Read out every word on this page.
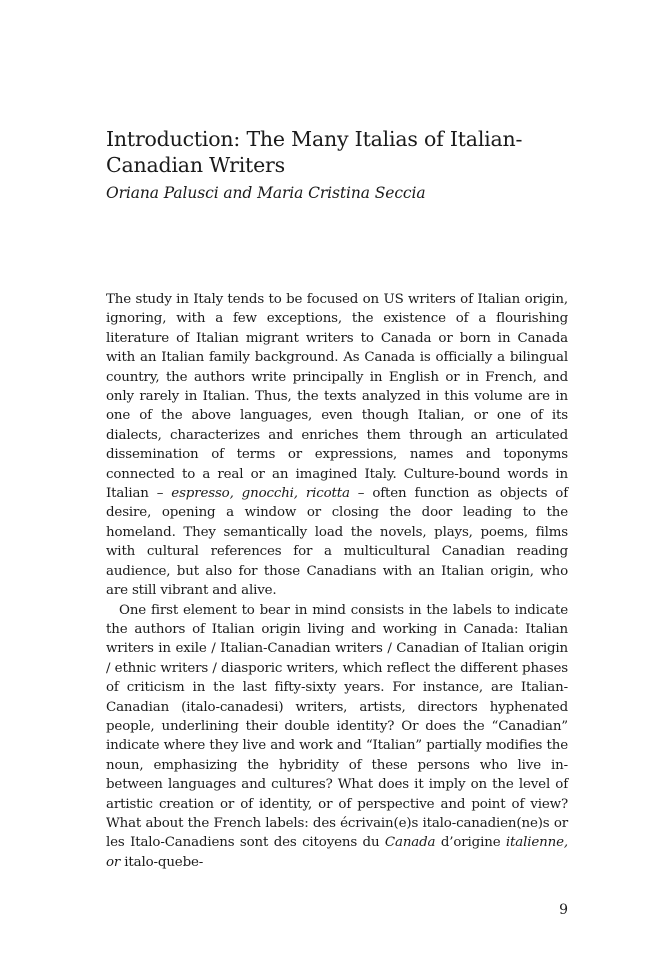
Introduction: The Many Italias of Italian-Canadian Writers
Oriana Palusci and Maria Cristina Seccia

The study in Italy tends to be focused on US writers of Italian origin, ignoring, with a few exceptions, the existence of a flourishing literature of Italian migrant writers to Canada or born in Canada with an Italian family background. As Canada is officially a bilingual country, the authors write principally in English or in French, and only rarely in Italian. Thus, the texts analyzed in this volume are in one of the above languages, even though Italian, or one of its dialects, characterizes and enriches them through an articulated dissemination of terms or expressions, names and toponyms connected to a real or an imagined Italy. Culture-bound words in Italian – espresso, gnocchi, ricotta – often function as objects of desire, opening a window or closing the door leading to the homeland. They semantically load the novels, plays, poems, films with cultural references for a multicultural Canadian reading audience, but also for those Canadians with an Italian origin, who are still vibrant and alive.

One first element to bear in mind consists in the labels to indicate the authors of Italian origin living and working in Canada: Italian writers in exile / Italian-Canadian writers / Canadian of Italian origin / ethnic writers / diasporic writers, which reflect the different phases of criticism in the last fifty-sixty years. For instance, are Italian-Canadian (italo-canadesi) writers, artists, directors hyphenated people, underlining their double identity? Or does the “Canadian” indicate where they live and work and “Italian” partially modifies the noun, emphasizing the hybridity of these persons who live in-between languages and cultures? What does it imply on the level of artistic creation or of identity, or of perspective and point of view? What about the French labels: des écrivain(e)s italo-canadien(ne)s or les Italo-Canadiens sont des citoyens du Canada d’origine italienne, or italo-quebe-

9
